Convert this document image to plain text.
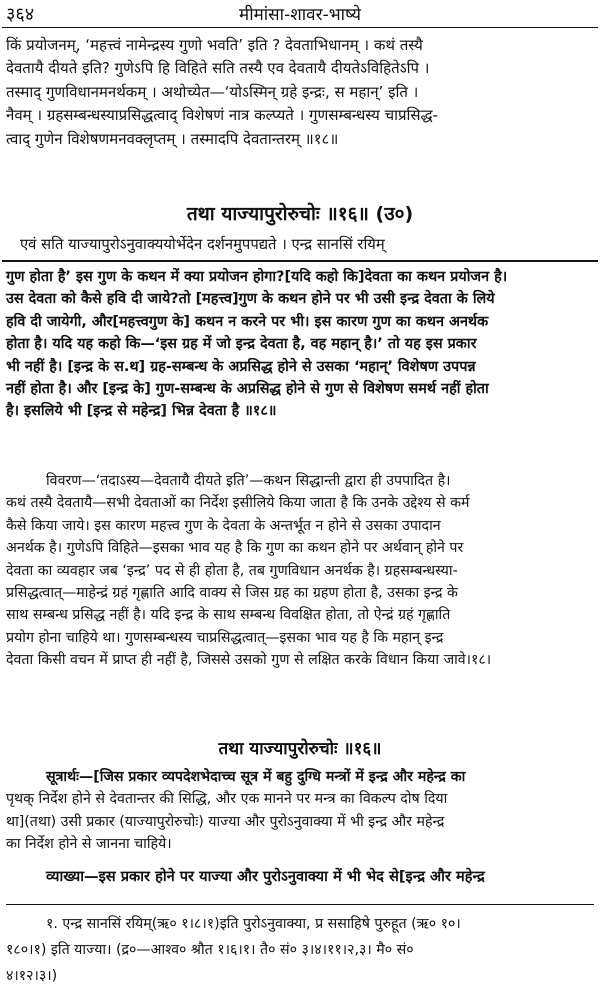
३६४	मीमांसा-शावर-भाष्ये

किं प्रयोजनम्, ‘महत्त्वं नामेन्द्रस्य गुणो भवति’ इति ? देवताभिधानम् । कथं तस्यै

देवतायै दीयते इति? गुणेऽपि हि विहिते सति तस्यै एव देवतायै दीयतेऽविहितेऽपि ।

तस्माद् गुणविधानमनर्थकम् । अथोच्येत—‘योऽस्मिन् ग्रहे इन्द्रः, स महान्’ इति ।

नैवम् । ग्रहसम्बन्धस्याप्रसिद्धत्वाद् विशेषणं नात्र कल्प्यते । गुणसम्बन्धस्य चाप्रसिद्ध-

त्वाद् गुणेन विशेषणमनवक्लृप्तम् । तस्मादपि देवतान्तरम् ॥१८॥

तथा याज्यापुरोरुचोः ॥१६॥ (उ०)
एवं सति याज्यापुरोऽनुवाक्ययोर्भेदेन दर्शनमुपपद्यते । एन्द्र सानसिं रयिम्

गुण होता है’ इस गुण के कथन में क्या प्रयोजन होगा?[यदि कहो कि]देवता का कथन प्रयोजन है।

उस देवता को कैसे हवि दी जाये?तो [महत्त्व]गुण के कथन होने पर भी उसी इन्द्र देवता के लिये

हवि दी जायेगी, और[महत्त्वगुण के] कथन न करने पर भी। इस कारण गुण का कथन अनर्थक

होता है। यदि यह कहो कि—‘इस ग्रह में जो इन्द्र देवता है, वह महान् है।’ तो यह इस प्रकार

भी नहीं है। [इन्द्र के स.थ] ग्रह-सम्बन्ध के अप्रसिद्ध होने से उसका ‘महान्’ विशेषण उपपन्न

नहीं होता है। और [इन्द्र के] गुण-सम्बन्ध के अप्रसिद्ध होने से गुण से विशेषण समर्थ नहीं होता

है। इसलिये भी [इन्द्र से महेन्द्र] भिन्न देवता है ॥१८॥

विवरण—‘तदाऽस्य—देवतायै दीयते इति’—कथन सिद्धान्ती द्वारा ही उपपादित है।

कथं तस्यै देवतायै—सभी देवताओं का निर्देश इसीलिये किया जाता है कि उनके उद्देश्य से कर्म

कैसे किया जाये। इस कारण महत्त्व गुण के देवता के अन्तर्भूत न होने से उसका उपादान

अनर्थक है। गुणेऽपि विहिते—इसका भाव यह है कि गुण का कथन होने पर अर्थवान् होने पर

देवता का व्यवहार जब ‘इन्द्र’ पद से ही होता है, तब गुणविधान अनर्थक है। ग्रहसम्बन्धस्या-

प्रसिद्धत्वात्—माहेन्द्रं ग्रहं गृह्णाति आदि वाक्य से जिस ग्रह का ग्रहण होता है, उसका इन्द्र के

साथ सम्बन्ध प्रसिद्ध नहीं है। यदि इन्द्र के साथ सम्बन्ध विवक्षित होता, तो ऐन्द्रं ग्रहं गृह्णाति

प्रयोग होना चाहिये था। गुणसम्बन्धस्य चाप्रसिद्धत्वात्—इसका भाव यह है कि महान् इन्द्र

देवता किसी वचन में प्राप्त ही नहीं है, जिससे उसको गुण से लक्षित करके विधान किया जावे।१८।

तथा याज्यापुरोरुचोः ॥१६॥

सूत्रार्थः—[जिस प्रकार व्यपदेशभेदाच्च सूत्र में बहु दुग्धि मन्त्रों में इन्द्र और महेन्द्र का

पृथक् निर्देश होने से देवतान्तर की सिद्धि, और एक मानने पर मन्त्र का विकल्प दोष दिया

था](तथा) उसी प्रकार (याज्यापुरोरुचोः) याज्या और पुरोऽनुवाक्या में भी इन्द्र और महेन्द्र

का निर्देश होने से जानना चाहिये।

व्याख्या—इस प्रकार होने पर याज्या और पुरोऽनुवाक्या में भी भेद से[इन्द्र और महेन्द्र

१. एन्द्र सानसिं रयिम्(ऋ० १।८।१)इति पुरोऽनुवाक्या, प्र ससाहिषे पुरुहूत (ऋ० १०।

१८०।१) इति याज्या। (द्र०—आश्व० श्रौत १।६।१। तै० सं० ३।४।११।२,३। मै० सं०

४।१२।३।)
